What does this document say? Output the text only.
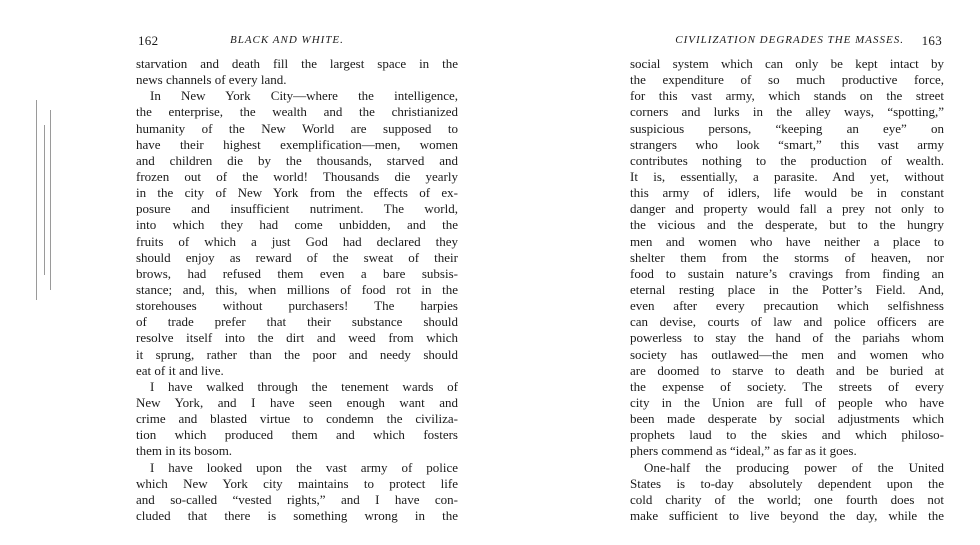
162	BLACK AND WHITE.
starvation and death fill the largest space in the
news channels of every land.
In New York City—where the intelligence,
the enterprise, the wealth and the christianized
humanity of the New World are supposed to
have their highest exemplification—men, women
and children die by the thousands, starved and
frozen out of the world! Thousands die yearly
in the city of New York from the effects of ex-
posure and insufficient nutriment. The world,
into which they had come unbidden, and the
fruits of which a just God had declared they
should enjoy as reward of the sweat of their
brows, had refused them even a bare subsis-
stance; and, this, when millions of food rot in the
storehouses without purchasers! The harpies
of trade prefer that their substance should
resolve itself into the dirt and weed from which
it sprung, rather than the poor and needy should
eat of it and live.
I have walked through the tenement wards of
New York, and I have seen enough want and
crime and blasted virtue to condemn the civiliza-
tion which produced them and which fosters
them in its bosom.
I have looked upon the vast army of police
which New York city maintains to protect life
and so-called “vested rights,” and I have con-
cluded that there is something wrong in the
CIVILIZATION DEGRADES THE MASSES. 163
social system which can only be kept intact by
the expenditure of so much productive force,
for this vast army, which stands on the street
corners and lurks in the alley ways, “spotting,”
suspicious persons, “keeping an eye” on
strangers who look “smart,” this vast army
contributes nothing to the production of wealth.
It is, essentially, a parasite. And yet, without
this army of idlers, life would be in constant
danger and property would fall a prey not only to
the vicious and the desperate, but to the hungry
men and women who have neither a place to
shelter them from the storms of heaven, nor
food to sustain nature’s cravings from finding an
eternal resting place in the Potter’s Field. And,
even after every precaution which selfishness
can devise, courts of law and police officers are
powerless to stay the hand of the pariahs whom
society has outlawed—the men and women who
are doomed to starve to death and be buried at
the expense of society. The streets of every
city in the Union are full of people who have
been made desperate by social adjustments which
prophets laud to the skies and which philoso-
phers commend as “ideal,” as far as it goes.
One-half the producing power of the United
States is to-day absolutely dependent upon the
cold charity of the world; one fourth does not
make sufficient to live beyond the day, while the
